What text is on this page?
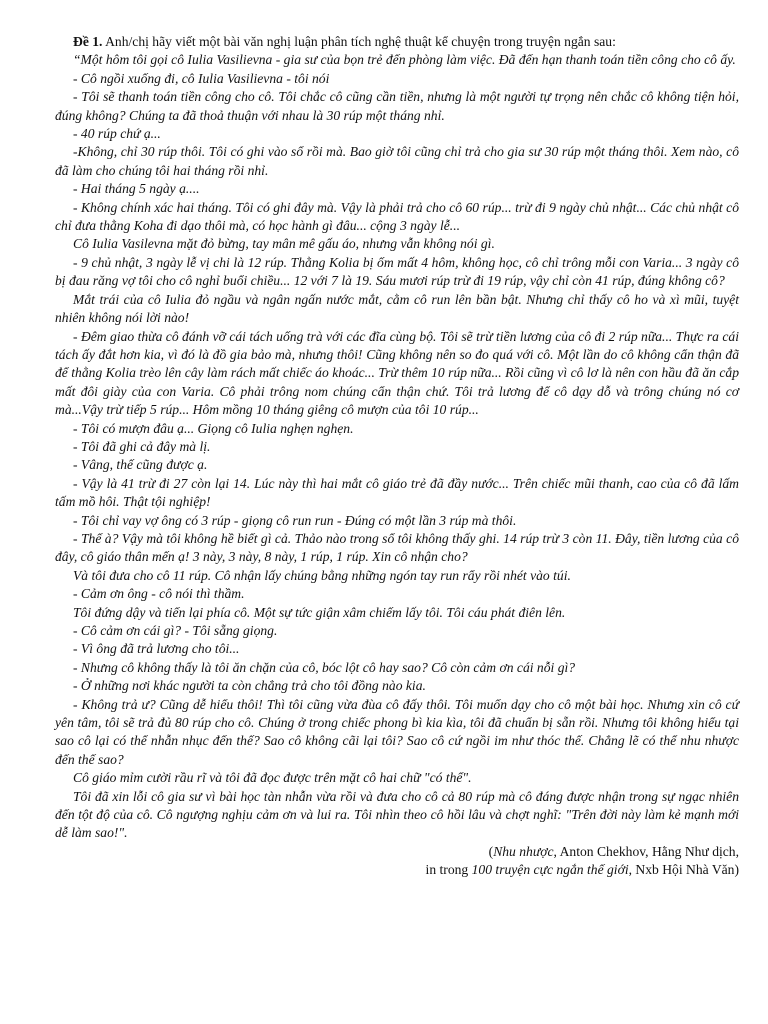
Đề 1. Anh/chị hãy viết một bài văn nghị luận phân tích nghệ thuật kể chuyện trong truyện ngắn sau:

“Một hôm tôi gọi cô Iulia Vasilievna - gia sư của bọn trẻ đến phòng làm việc. Đã đến hạn thanh toán tiền công cho cô ấy.

- Cô ngồi xuống đi, cô Iulia Vasilievna - tôi nói

- Tôi sẽ thanh toán tiền công cho cô. Tôi chắc cô cũng cần tiền, nhưng là một người tự trọng nên chắc cô không tiện hỏi, đúng không? Chúng ta đã thoả thuận với nhau là 30 rúp một tháng nhỉ.

- 40 rúp chứ ạ...

-Không, chỉ 30 rúp thôi. Tôi có ghi vào sổ rồi mà. Bao giờ tôi cũng chỉ trả cho gia sư 30 rúp một tháng thôi. Xem nào, cô đã làm cho chúng tôi hai tháng rồi nhỉ.

- Hai tháng 5 ngày ạ....

- Không chính xác hai tháng. Tôi có ghi đây mà. Vậy là phải trả cho cô 60 rúp... trừ đi 9 ngày chủ nhật... Các chủ nhật cô chỉ đưa thằng Koha đi dạo thôi mà, có học hành gì đâu... cộng 3 ngày lễ...

Cô Iulia Vasilevna mặt đỏ bừng, tay mân mê gấu áo, nhưng vẫn không nói gì.

- 9 chủ nhật, 3 ngày lễ vị chi là 12 rúp. Thằng Kolia bị ốm mất 4 hôm, không học, cô chỉ trông mỗi con Varia... 3 ngày cô bị đau răng vợ tôi cho cô nghỉ buổi chiều... 12 với 7 là 19. Sáu mươi rúp trừ đi 19 rúp, vậy chỉ còn 41 rúp, đúng không cô?

Mắt trái của cô Iulia đỏ ngầu và ngân ngấn nước mắt, cằm cô run lên bần bật. Nhưng chỉ thấy cô ho và xì mũi, tuyệt nhiên không nói lời nào!

- Đêm giao thừa cô đánh vỡ cái tách uống trà với các đĩa cùng bộ. Tôi sẽ trừ tiền lương của cô đi 2 rúp nữa... Thực ra cái tách ấy đắt hơn kia, vì đó là đồ gia bảo mà, nhưng thôi! Cũng không nên so đo quá với cô. Một lần do cô không cẩn thận đã để thằng Kolia trèo lên cây làm rách mất chiếc áo khoác... Trừ thêm 10 rúp nữa... Rồi cũng vì cô lơ là nên con hầu đã ăn cắp mất đôi giày của con Varia. Cô phải trông nom chúng cẩn thận chứ. Tôi trả lương để cô dạy dỗ và trông chúng nó cơ mà...Vậy trừ tiếp 5 rúp... Hôm mồng 10 tháng giêng cô mượn của tôi 10 rúp...

- Tôi có mượn đâu ạ... Giọng cô Iulia nghẹn nghẹn.

- Tôi đã ghi cả đây mà lị.

- Vâng, thế cũng được ạ.

- Vậy là 41 trừ đi 27 còn lại 14. Lúc này thì hai mắt cô giáo trẻ đã đầy nước... Trên chiếc mũi thanh, cao của cô đã lấm tấm mồ hôi. Thật tội nghiệp!

- Tôi chỉ vay vợ ông có 3 rúp - giọng cô run run - Đúng có một lần 3 rúp mà thôi.

- Thế à? Vậy mà tôi không hề biết gì cả. Thảo nào trong sổ tôi không thấy ghi. 14 rúp trừ 3 còn 11. Đây, tiền lương của cô đây, cô giáo thân mến ạ! 3 này, 3 này, 8 này, 1 rúp, 1 rúp. Xin cô nhận cho?

Và tôi đưa cho cô 11 rúp. Cô nhận lấy chúng bằng những ngón tay run rẩy rồi nhét vào túi.

- Cảm ơn ông - cô nói thì thầm.

Tôi đứng dậy và tiến lại phía cô. Một sự tức giận xâm chiếm lấy tôi. Tôi cáu phát điên lên.

- Cô cảm ơn cái gì? - Tôi sẵng giọng.

- Vì ông đã trả lương cho tôi...

- Nhưng cô không thấy là tôi ăn chặn của cô, bóc lột cô hay sao? Cô còn cảm ơn cái nỗi gì?

- Ở những nơi khác người ta còn chẳng trả cho tôi đồng nào kia.

- Không trả ư? Cũng dễ hiểu thôi! Thì tôi cũng vừa đùa cô đấy thôi. Tôi muốn dạy cho cô một bài học. Nhưng xin cô cứ yên tâm, tôi sẽ trả đủ 80 rúp cho cô. Chúng ở trong chiếc phong bì kia kìa, tôi đã chuẩn bị sẵn rồi. Nhưng tôi không hiểu tại sao cô lại có thể nhẫn nhục đến thế? Sao cô không cãi lại tôi? Sao cô cứ ngồi im như thóc thế. Chẳng lẽ có thể nhu nhược đến thế sao?

Cô giáo mỉm cười rầu rĩ và tôi đã đọc được trên mặt cô hai chữ "có thể".

Tôi đã xin lỗi cô gia sư vì bài học tàn nhẫn vừa rồi và đưa cho cô cả 80 rúp mà cô đáng được nhận trong sự ngạc nhiên đến tột độ của cô. Cô ngượng nghịu cảm ơn và lui ra. Tôi nhìn theo cô hồi lâu và chợt nghĩ: "Trên đời này làm kẻ mạnh mới dễ làm sao!".

(Nhu nhược, Anton Chekhov, Hằng Như dịch,

in trong 100 truyện cực ngắn thế giới, Nxb Hội Nhà Văn)
